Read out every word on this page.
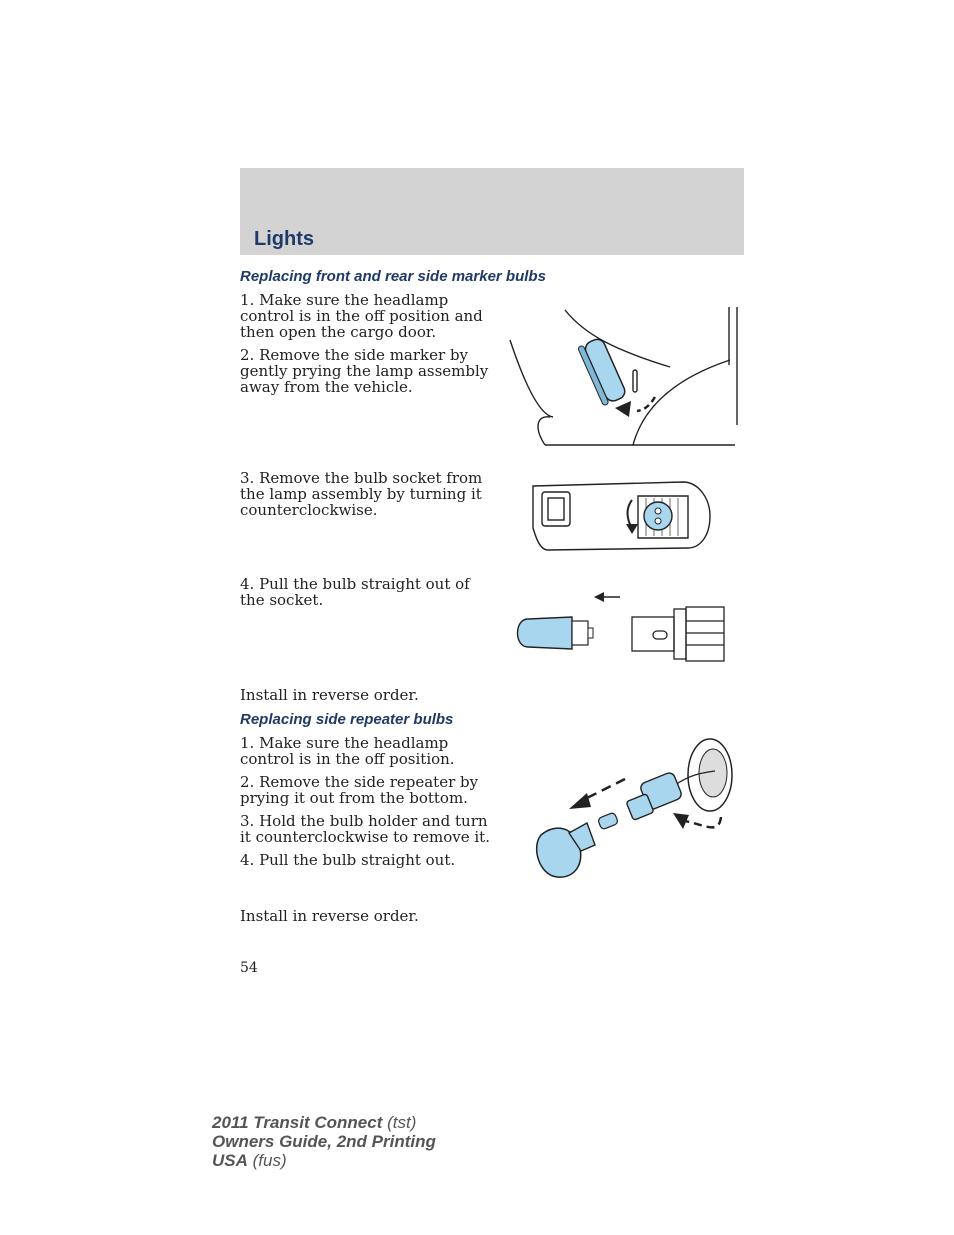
Lights
Replacing front and rear side marker bulbs

1. Make sure the headlamp control is in the off position and then open the cargo door.

2. Remove the side marker by gently prying the lamp assembly away from the vehicle.

3. Remove the bulb socket from the lamp assembly by turning it counterclockwise.

4. Pull the bulb straight out of the socket.

Install in reverse order.

Replacing side repeater bulbs

1. Make sure the headlamp control is in the off position.

2. Remove the side repeater by prying it out from the bottom.

3. Hold the bulb holder and turn it counterclockwise to remove it.

4. Pull the bulb straight out.

Install in reverse order.

54
2011 Transit Connect (tst)
Owners Guide, 2nd Printing
USA (fus)
